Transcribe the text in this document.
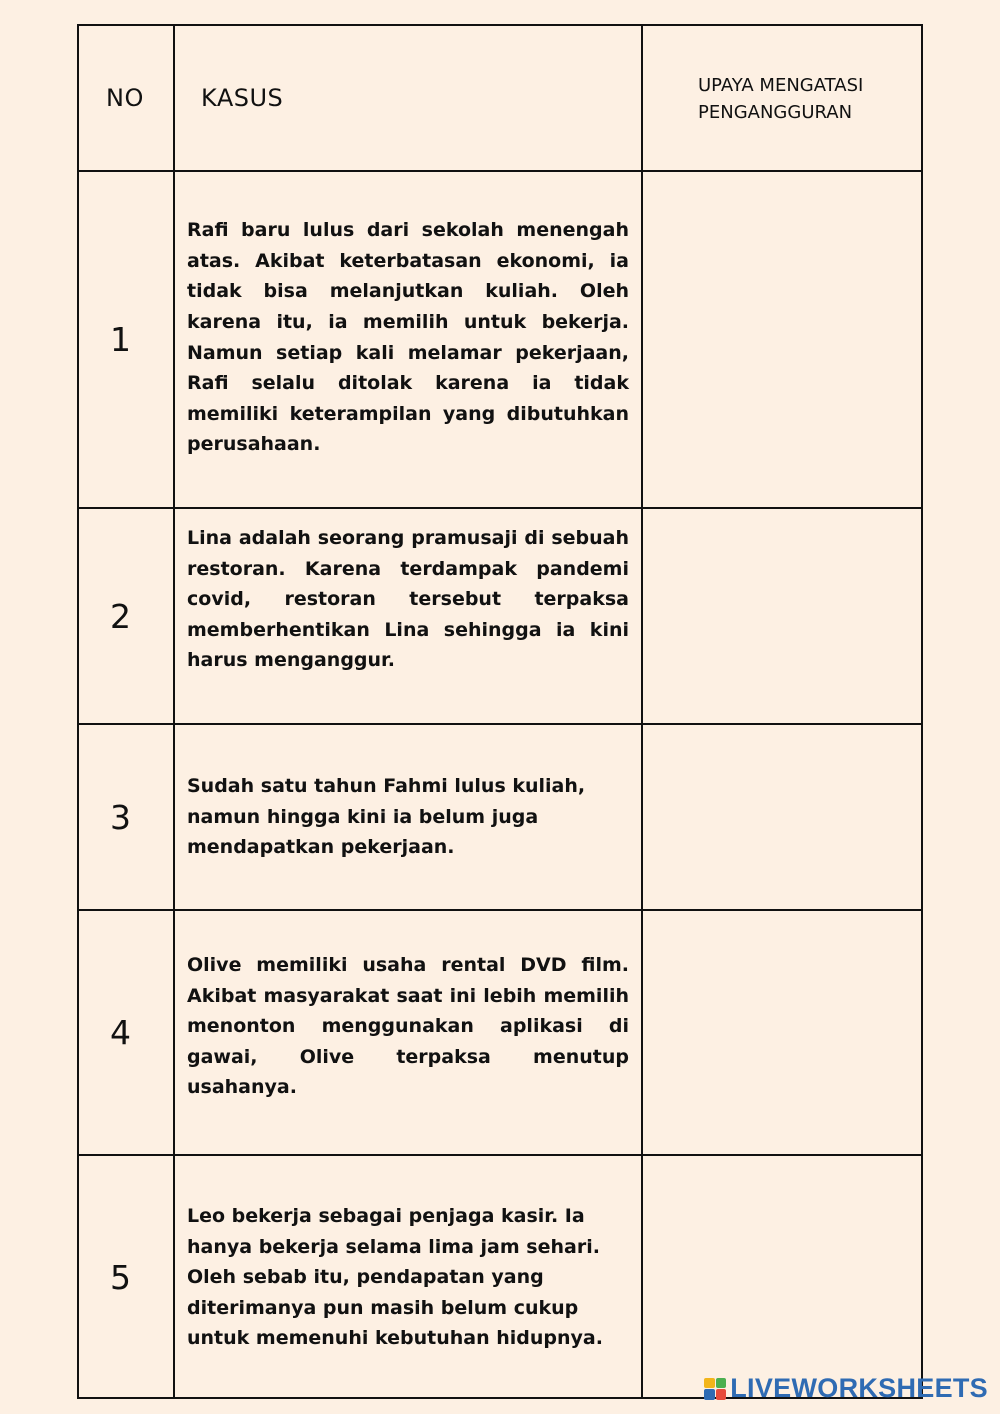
NO	KASUS	UPAYA MENGATASI
PENGANGGURAN
1

Rafi baru lulus dari sekolah menengah atas. Akibat keterbatasan ekonomi, ia tidak bisa melanjutkan kuliah. Oleh karena itu, ia memilih untuk bekerja. Namun setiap kali melamar pekerjaan, Rafi selalu ditolak karena ia tidak memiliki keterampilan yang dibutuhkan perusahaan.

2

Lina adalah seorang pramusaji di sebuah restoran. Karena terdampak pandemi covid, restoran tersebut terpaksa memberhentikan Lina sehingga ia kini harus menganggur.

3

Sudah satu tahun Fahmi lulus kuliah, namun hingga kini ia belum juga mendapatkan pekerjaan.

4

Olive memiliki usaha rental DVD film. Akibat masyarakat saat ini lebih memilih menonton menggunakan aplikasi di gawai, Olive terpaksa menutup usahanya.

5

Leo bekerja sebagai penjaga kasir. Ia hanya bekerja selama lima jam sehari. Oleh sebab itu, pendapatan yang diterimanya pun masih belum cukup untuk memenuhi kebutuhan hidupnya.

LIVEWORKSHEETS
